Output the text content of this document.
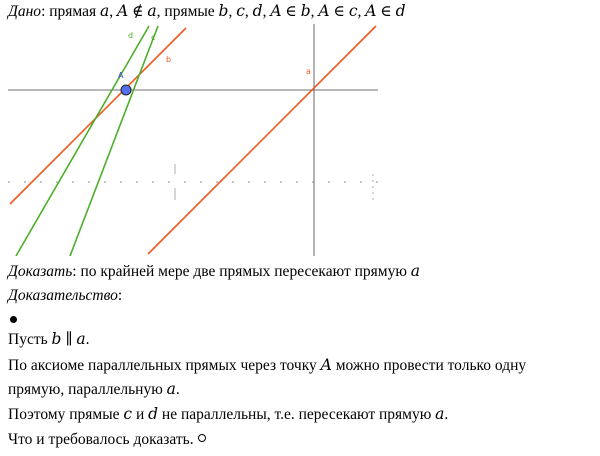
Дано: прямая 𝑎, 𝐴 ∉ 𝑎, прямые 𝑏, 𝑐, 𝑑, 𝐴 ∈ 𝑏, 𝐴 ∈ 𝑐, 𝐴 ∈ 𝑑
d c
b
a
A
Доказать: по крайней мере две прямых пересекают прямую 𝑎
Доказательство:
Пусть 𝑏 ∥ 𝑎.
По аксиоме параллельных прямых через точку 𝐴 можно провести только одну
прямую, параллельную 𝑎.
Поэтому прямые 𝑐 и 𝑑 не параллельны, т.е. пересекают прямую 𝑎.
Что и требовалось доказать.
